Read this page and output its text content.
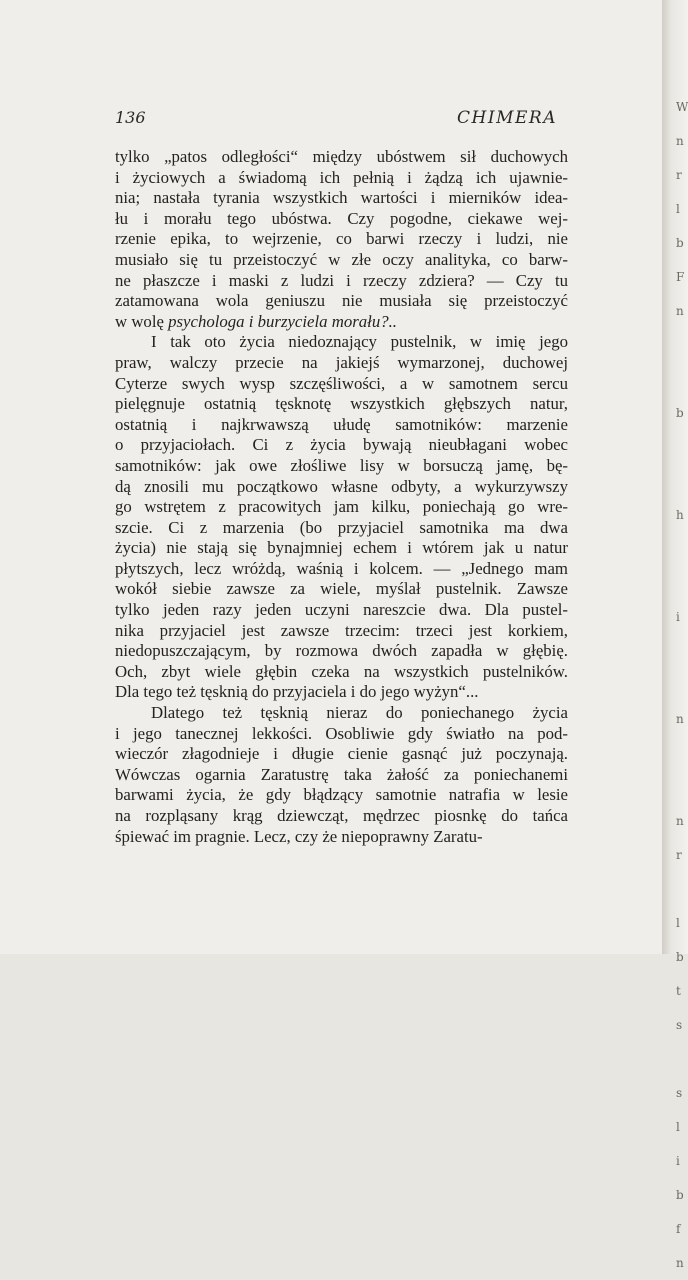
W
n
r
l
b
F
n

b

h

i

n

n
r

l
b
t
s

s
l
i
b
f
n
136	CHIMERA
tylko „patos odległości“ między ubóstwem sił duchowych
i życiowych a świadomą ich pełnią i żądzą ich ujawnie-
nia; nastała tyrania wszystkich wartości i mierników idea-
łu i morału tego ubóstwa. Czy pogodne, ciekawe wej-
rzenie epika, to wejrzenie, co barwi rzeczy i ludzi, nie
musiało się tu przeistoczyć w złe oczy analityka, co barw-
ne płaszcze i maski z ludzi i rzeczy zdziera? — Czy tu
zatamowana wola geniuszu nie musiała się przeistoczyć
w wolę psychologa i burzyciela morału?..
I tak oto życia niedoznający pustelnik, w imię jego
praw, walczy przecie na jakiejś wymarzonej, duchowej
Cyterze swych wysp szczęśliwości, a w samotnem sercu
pielęgnuje ostatnią tęsknotę wszystkich głębszych natur,
ostatnią i najkrwawszą ułudę samotników: marzenie
o przyjaciołach. Ci z życia bywają nieubłagani wobec
samotników: jak owe złośliwe lisy w borsuczą jamę, bę-
dą znosili mu początkowo własne odbyty, a wykurzywszy
go wstrętem z pracowitych jam kilku, poniechają go wre-
szcie. Ci z marzenia (bo przyjaciel samotnika ma dwa
życia) nie stają się bynajmniej echem i wtórem jak u natur
płytszych, lecz wróżdą, waśnią i kolcem. — „Jednego mam
wokół siebie zawsze za wiele, myślał pustelnik. Zawsze
tylko jeden razy jeden uczyni nareszcie dwa. Dla pustel-
nika przyjaciel jest zawsze trzecim: trzeci jest korkiem,
niedopuszczającym, by rozmowa dwóch zapadła w głębię.
Och, zbyt wiele głębin czeka na wszystkich pustelników.
Dla tego też tęsknią do przyjaciela i do jego wyżyn“...
Dlatego też tęsknią nieraz do poniechanego życia
i jego tanecznej lekkości. Osobliwie gdy światło na pod-
wieczór złagodnieje i długie cienie gasnąć już poczynają.
Wówczas ogarnia Zaratustrę taka żałość za poniechanemi
barwami życia, że gdy błądzący samotnie natrafia w lesie
na rozpląsany krąg dziewcząt, mędrzec piosnkę do tańca
śpiewać im pragnie. Lecz, czy że niepoprawny Zaratu-
